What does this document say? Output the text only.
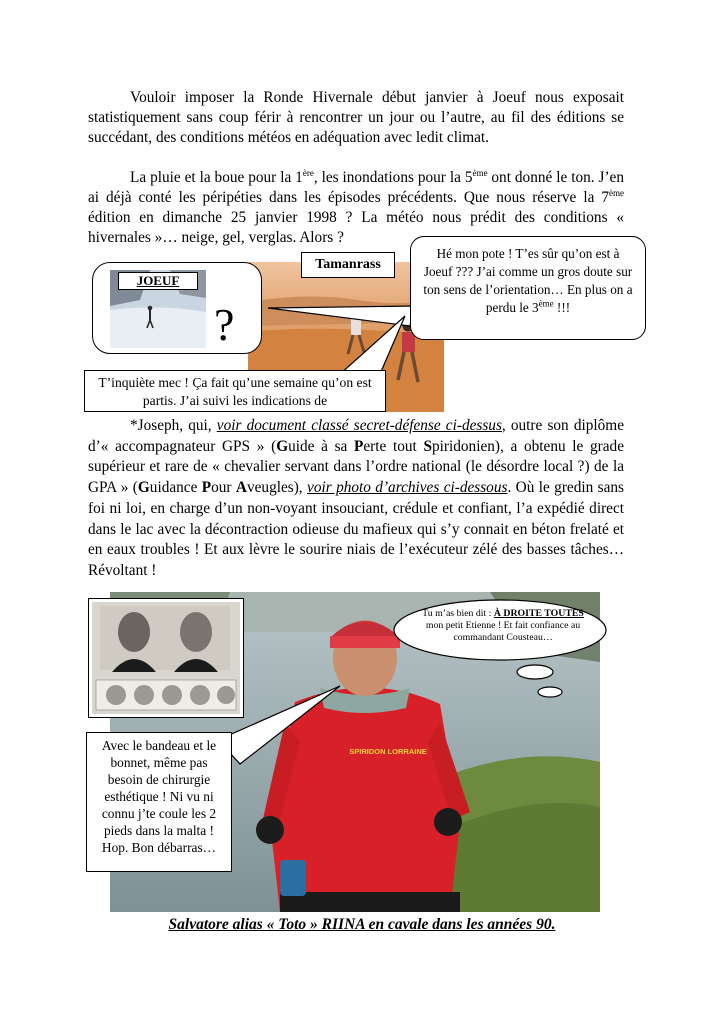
Vouloir imposer la Ronde Hivernale début janvier à Joeuf nous exposait statistiquement sans coup férir à rencontrer un jour ou l’autre, au fil des éditions se succédant, des conditions météos en adéquation avec ledit climat.

La pluie et la boue pour la 1ère, les inondations pour la 5ème ont donné le ton. J’en ai déjà conté les péripéties dans les épisodes précédents. Que nous réserve la 7ème édition en dimanche 25 janvier 1998 ? La météo nous prédit des conditions « hivernales »… neige, gel, verglas. Alors ?

Tamanrass
JOEUF
?
Hé mon pote ! T’es sûr qu’on est à Joeuf ??? J’ai comme un gros doute sur ton sens de l’orientation… En plus on a perdu le 3ème !!!
T’inquiète mec ! Ça fait qu’une semaine qu’on est partis. J’ai suivi les indications de

*Joseph, qui, voir document classé secret-défense ci-dessus, outre son diplôme d’« accompagnateur GPS » (Guide à sa Perte tout Spiridonien), a obtenu le grade supérieur et rare de « chevalier servant dans l’ordre national (le désordre local ?) de la GPA » (Guidance Pour Aveugles), voir photo d’archives ci-dessous. Où le gredin sans foi ni loi, en charge d’un non-voyant insouciant, crédule et confiant, l’a expédié direct dans le lac avec la décontraction odieuse du mafieux qui s’y connait en béton frelaté et en eaux troubles ! Et aux lèvre le sourire niais de l’exécuteur zélé des basses tâches… Révoltant !

SPIRIDON LORRAINE
Tu m’as bien dit : À DROITE TOUTES mon petit Etienne ! Et fait confiance au commandant Cousteau…
Avec le bandeau et le bonnet, même pas besoin de chirurgie esthétique ! Ni vu ni connu j’te coule les 2 pieds dans la malta ! Hop. Bon débarras…
Salvatore alias « Toto » RIINA en cavale dans les années 90.
